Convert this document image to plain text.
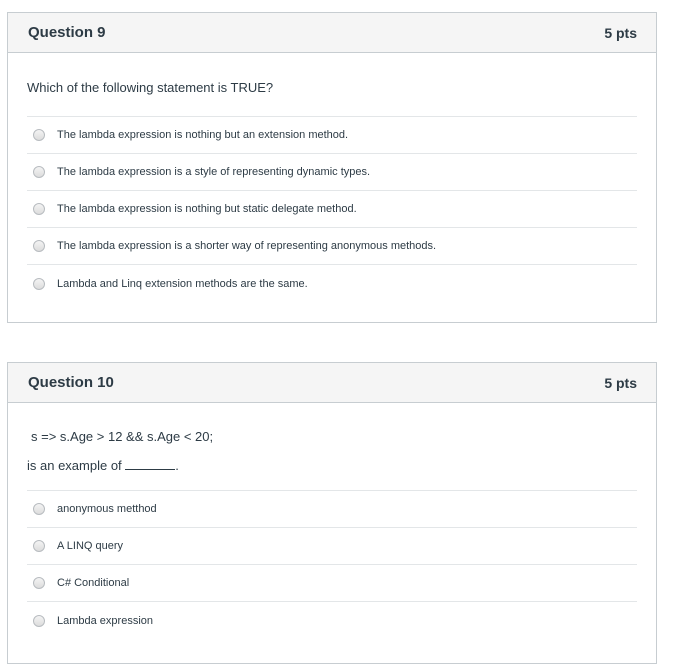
Question 9	5 pts
Which of the following statement is TRUE?
The lambda expression is nothing but an extension method.
The lambda expression is a style of representing dynamic types.
The lambda expression is nothing but static delegate method.
The lambda expression is a shorter way of representing anonymous methods.
Lambda and Linq extension methods are the same.
Question 10	5 pts
s => s.Age > 12 && s.Age < 20;
is an example of	.
anonymous metthod
A LINQ query
C# Conditional
Lambda expression
